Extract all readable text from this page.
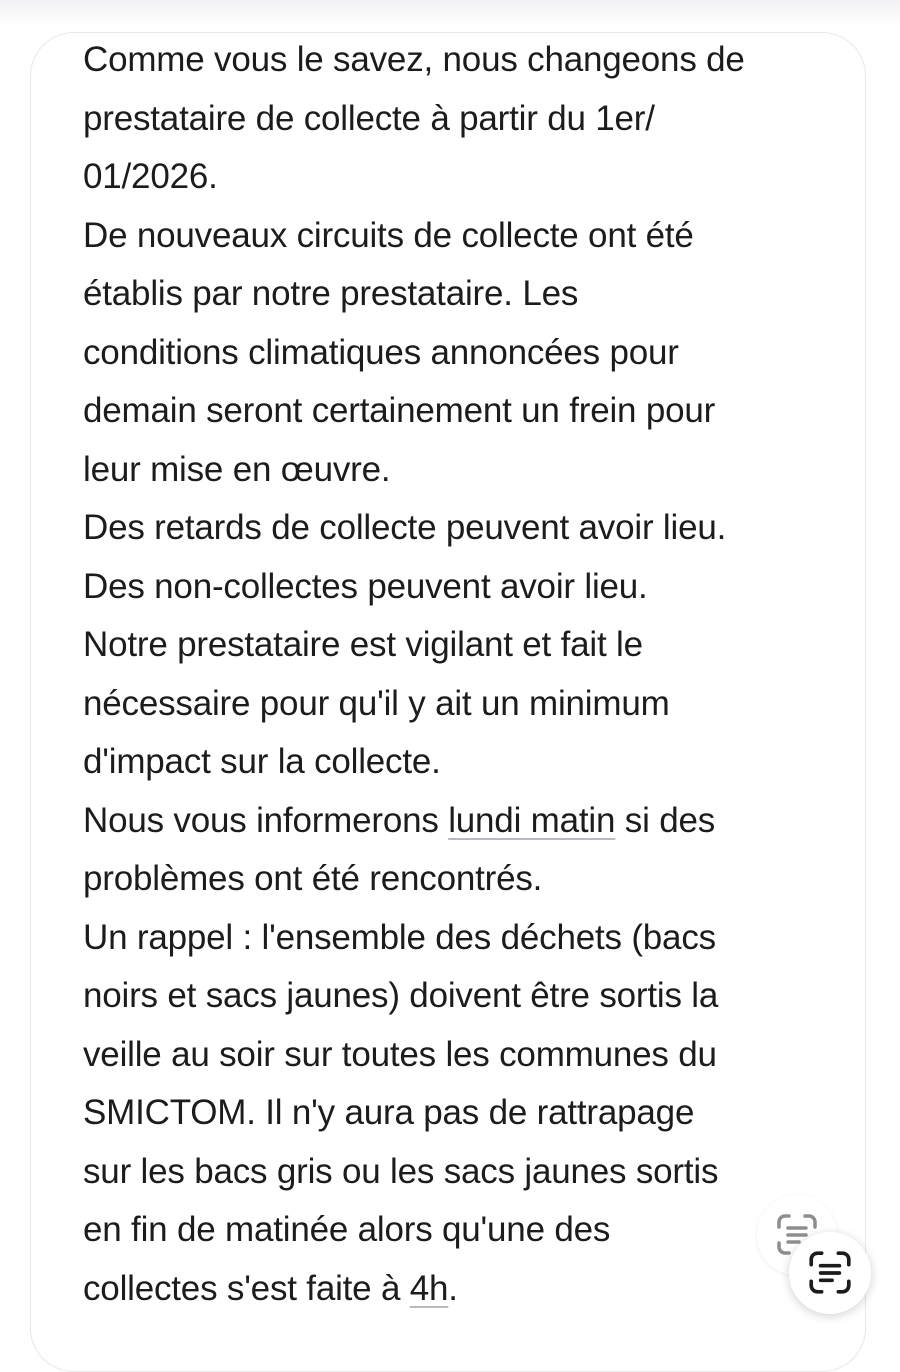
Comme vous le savez, nous changeons de
prestataire de collecte à partir du 1er/
01/2026.
De nouveaux circuits de collecte ont été
établis par notre prestataire. Les
conditions climatiques annoncées pour
demain seront certainement un frein pour
leur mise en œuvre.
Des retards de collecte peuvent avoir lieu.
Des non-collectes peuvent avoir lieu.
Notre prestataire est vigilant et fait le
nécessaire pour qu'il y ait un minimum
d'impact sur la collecte.
Nous vous informerons lundi matin si des
problèmes ont été rencontrés.
Un rappel : l'ensemble des déchets (bacs
noirs et sacs jaunes) doivent être sortis la
veille au soir sur toutes les communes du
SMICTOM. Il n'y aura pas de rattrapage
sur les bacs gris ou les sacs jaunes sortis
en fin de matinée alors qu'une des
collectes s'est faite à 4h.
